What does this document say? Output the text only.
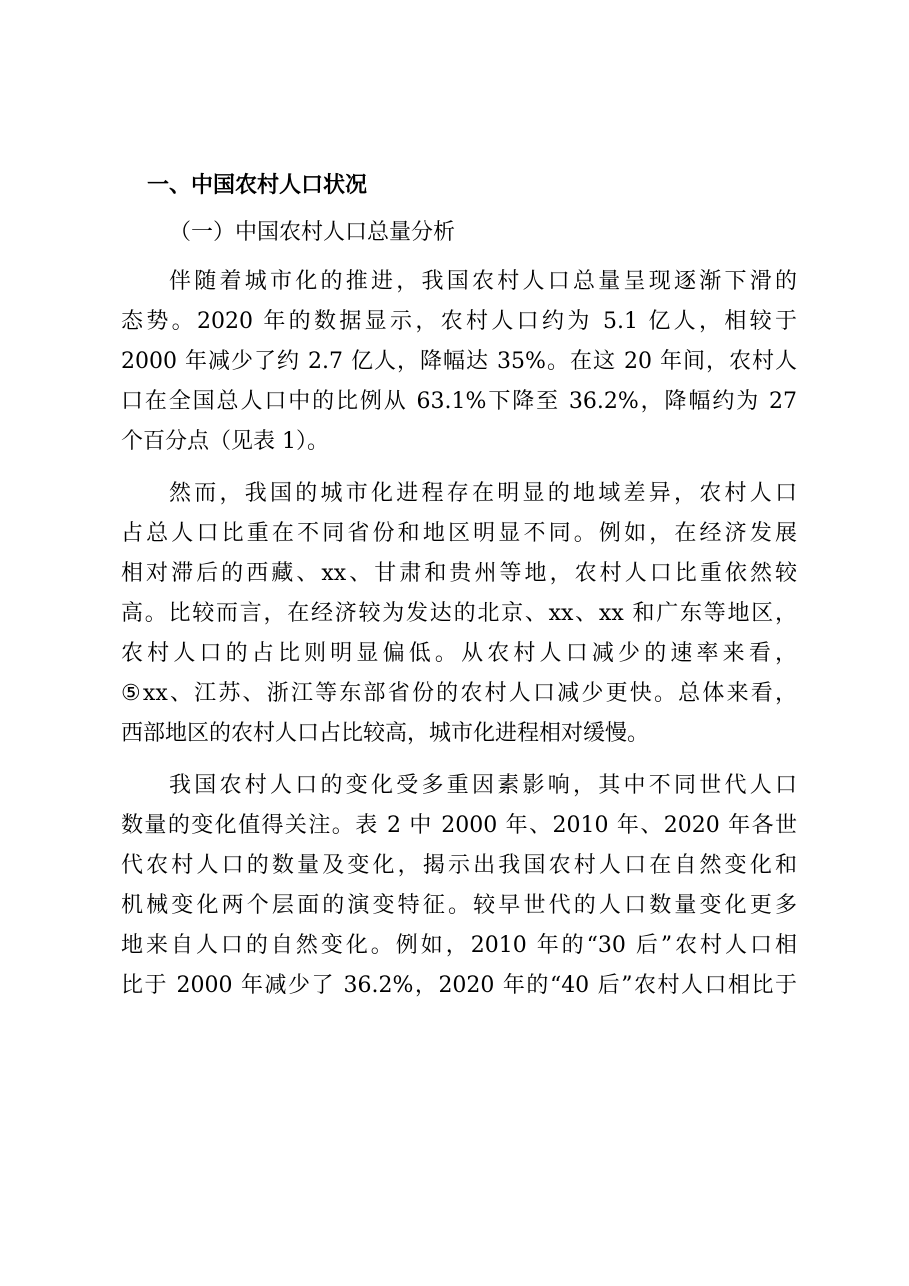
一、中国农村人口状况
（一）中国农村人口总量分析
伴随着城市化的推进，我国农村人口总量呈现逐渐下滑的
态势。2020 年的数据显示，农村人口约为 5.1 亿人，相较于
2000 年减少了约 2.7 亿人，降幅达 35%。在这 20 年间，农村人
口在全国总人口中的比例从 63.1%下降至 36.2%，降幅约为 27
个百分点（见表 1）。
然而，我国的城市化进程存在明显的地域差异，农村人口
占总人口比重在不同省份和地区明显不同。例如，在经济发展
相对滞后的西藏、xx、甘肃和贵州等地，农村人口比重依然较
高。比较而言，在经济较为发达的北京、xx、xx 和广东等地区，
农村人口的占比则明显偏低。从农村人口减少的速率来看，
⑤xx、江苏、浙江等东部省份的农村人口减少更快。总体来看，
西部地区的农村人口占比较高，城市化进程相对缓慢。
我国农村人口的变化受多重因素影响，其中不同世代人口
数量的变化值得关注。表 2 中 2000 年、2010 年、2020 年各世
代农村人口的数量及变化，揭示出我国农村人口在自然变化和
机械变化两个层面的演变特征。较早世代的人口数量变化更多
地来自人口的自然变化。例如，2010 年的“30 后”农村人口相
比于 2000 年减少了 36.2%，2020 年的“40 后”农村人口相比于
